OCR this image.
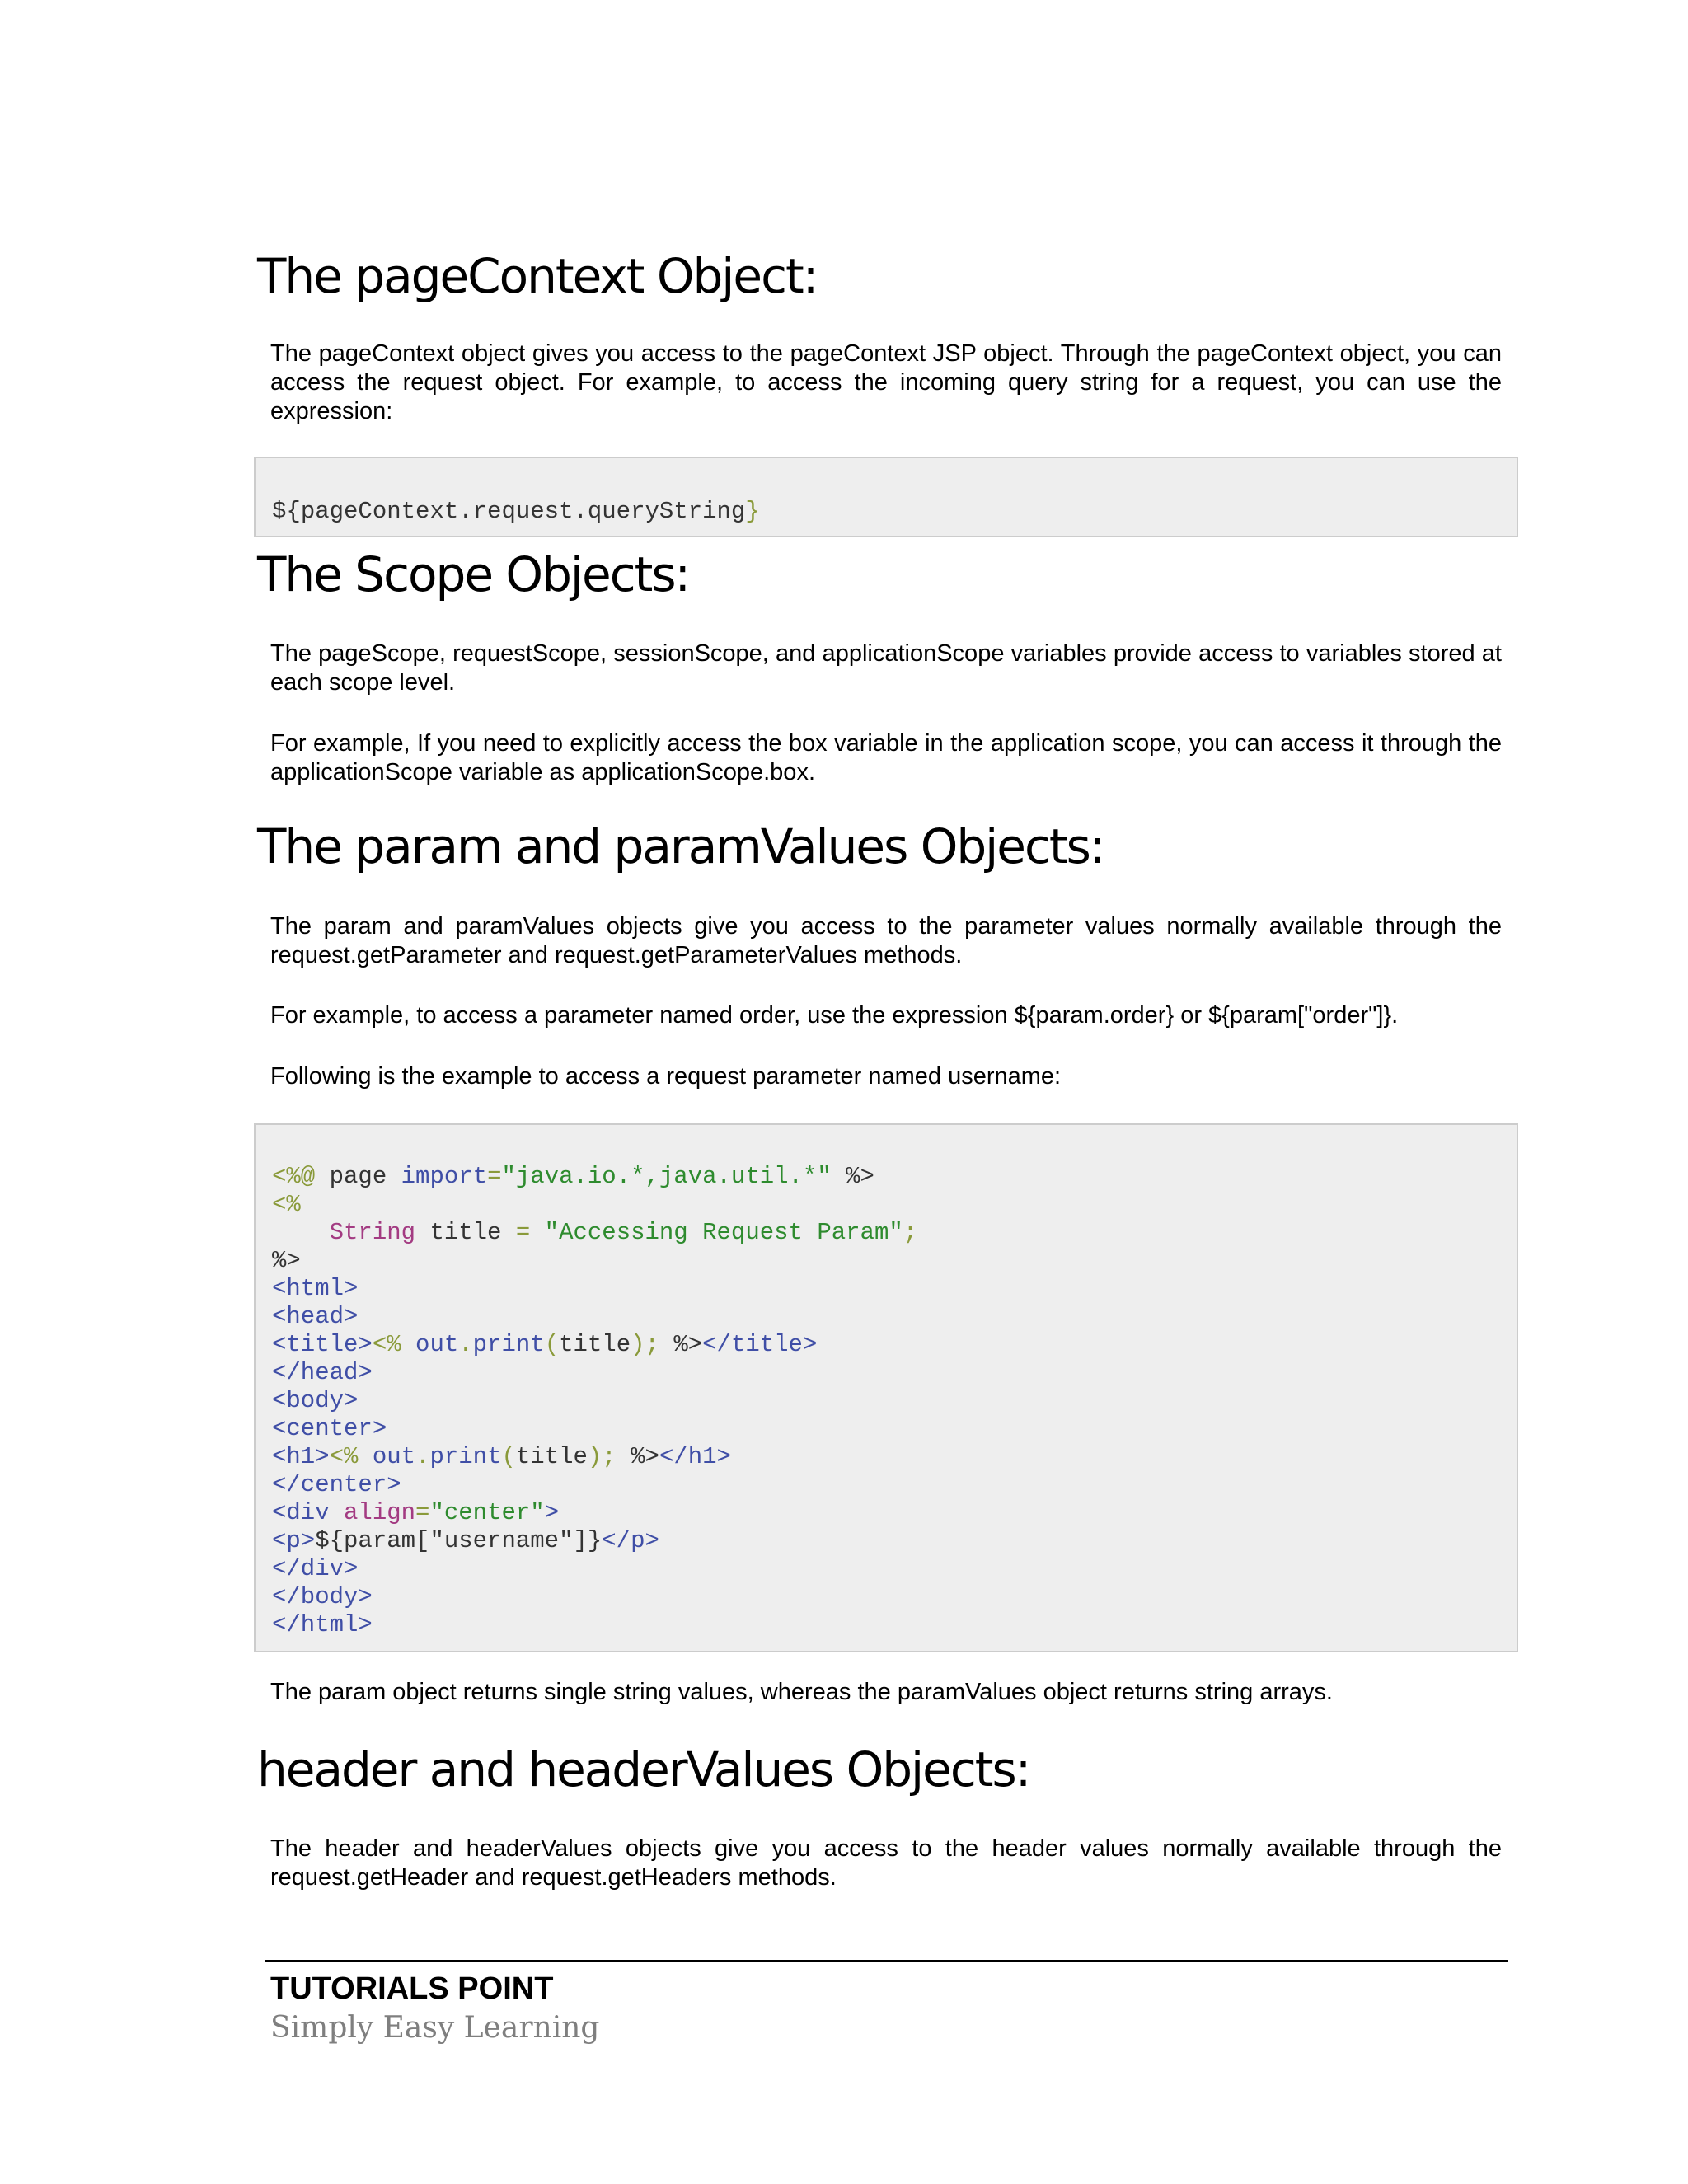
The pageContext Object:

The pageContext object gives you access to the pageContext JSP object. Through the pageContext object, you can access the request object. For example, to access the incoming query string for a request, you can use the expression:

${pageContext.request.queryString}
The Scope Objects:

The pageScope, requestScope, sessionScope, and applicationScope variables provide access to variables stored at each scope level.

For example, If you need to explicitly access the box variable in the application scope, you can access it through the applicationScope variable as applicationScope.box.

The param and paramValues Objects:

The param and paramValues objects give you access to the parameter values normally available through the request.getParameter and request.getParameterValues methods.

For example, to access a parameter named order, use the expression ${param.order} or ${param["order"]}.

Following is the example to access a request parameter named username:

<%@ page import="java.io.*,java.util.*" %>
<%
String title = "Accessing Request Param";
%>
<html>
<head>
<title><% out.print(title); %></title>
</head>
<body>
<center>
<h1><% out.print(title); %></h1>
</center>
<div align="center">
<p>${param["username"]}</p>
</div>
</body>
</html>

The param object returns single string values, whereas the paramValues object returns string arrays.

header and headerValues Objects:

The header and headerValues objects give you access to the header values normally available through the request.getHeader and request.getHeaders methods.

TUTORIALS POINT

Simply Easy Learning
